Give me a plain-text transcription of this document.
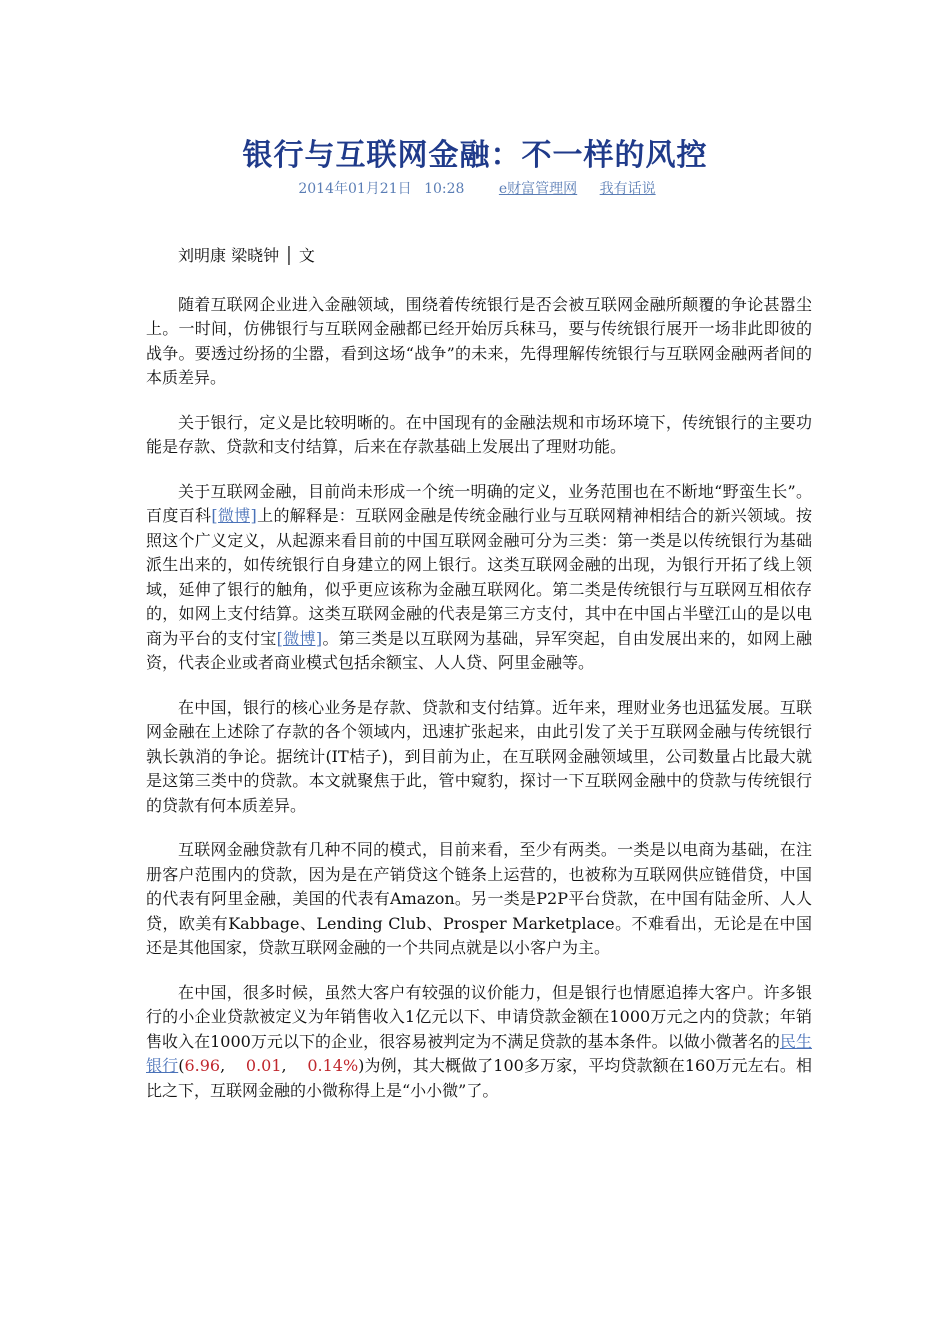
银行与互联网金融：不一样的风控
2014年01月21日 10:28 e财富管理网 我有话说

刘明康 梁晓钟 │ 文

随着互联网企业进入金融领域，围绕着传统银行是否会被互联网金融所颠覆的争论甚嚣尘上。一时间，仿佛银行与互联网金融都已经开始厉兵秣马，要与传统银行展开一场非此即彼的战争。要透过纷扬的尘嚣，看到这场“战争”的未来，先得理解传统银行与互联网金融两者间的本质差异。

关于银行，定义是比较明晰的。在中国现有的金融法规和市场环境下，传统银行的主要功能是存款、贷款和支付结算，后来在存款基础上发展出了理财功能。

关于互联网金融，目前尚未形成一个统一明确的定义，业务范围也在不断地“野蛮生长”。百度百科[微博]上的解释是：互联网金融是传统金融行业与互联网精神相结合的新兴领域。按照这个广义定义，从起源来看目前的中国互联网金融可分为三类：第一类是以传统银行为基础派生出来的，如传统银行自身建立的网上银行。这类互联网金融的出现，为银行开拓了线上领域，延伸了银行的触角，似乎更应该称为金融互联网化。第二类是传统银行与互联网互相依存的，如网上支付结算。这类互联网金融的代表是第三方支付，其中在中国占半壁江山的是以电商为平台的支付宝[微博]。第三类是以互联网为基础，异军突起，自由发展出来的，如网上融资，代表企业或者商业模式包括余额宝、人人贷、阿里金融等。

在中国，银行的核心业务是存款、贷款和支付结算。近年来，理财业务也迅猛发展。互联网金融在上述除了存款的各个领域内，迅速扩张起来，由此引发了关于互联网金融与传统银行孰长孰消的争论。据统计(IT桔子)，到目前为止，在互联网金融领域里，公司数量占比最大就是这第三类中的贷款。本文就聚焦于此，管中窥豹，探讨一下互联网金融中的贷款与传统银行的贷款有何本质差异。

互联网金融贷款有几种不同的模式，目前来看，至少有两类。一类是以电商为基础，在注册客户范围内的贷款，因为是在产销贷这个链条上运营的，也被称为互联网供应链借贷，中国的代表有阿里金融，美国的代表有Amazon。另一类是P2P平台贷款，在中国有陆金所、人人贷，欧美有Kabbage、Lending Club、Prosper Marketplace。不难看出，无论是在中国还是其他国家，贷款互联网金融的一个共同点就是以小客户为主。

在中国，很多时候，虽然大客户有较强的议价能力，但是银行也情愿追捧大客户。许多银行的小企业贷款被定义为年销售收入1亿元以下、申请贷款金额在1000万元之内的贷款；年销售收入在1000万元以下的企业，很容易被判定为不满足贷款的基本条件。以做小微著名的民生银行(6.96,    0.01,    0.14%)为例，其大概做了100多万家，平均贷款额在160万元左右。相比之下，互联网金融的小微称得上是“小小微”了。
